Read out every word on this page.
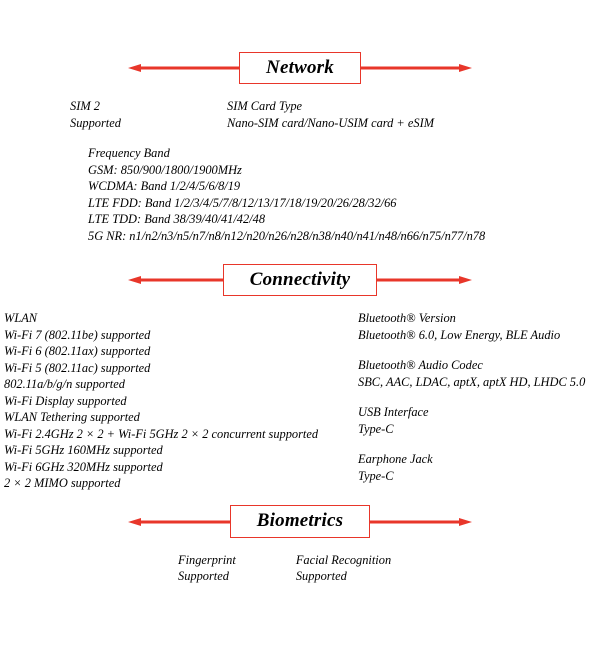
Network
SIM 2
Supported
SIM Card Type
Nano-SIM card/Nano-USIM card + eSIM
Frequency Band
GSM: 850/900/1800/1900MHz
WCDMA: Band 1/2/4/5/6/8/19
LTE FDD: Band 1/2/3/4/5/7/8/12/13/17/18/19/20/26/28/32/66
LTE TDD: Band 38/39/40/41/42/48
5G NR: n1/n2/n3/n5/n7/n8/n12/n20/n26/n28/n38/n40/n41/n48/n66/n75/n77/n78
Connectivity
WLAN
Wi-Fi 7 (802.11be) supported
Wi-Fi 6 (802.11ax) supported
Wi-Fi 5 (802.11ac) supported
802.11a/b/g/n supported
Wi-Fi Display supported
WLAN Tethering supported
Wi-Fi 2.4GHz 2 × 2 + Wi-Fi 5GHz 2 × 2 concurrent supported
Wi-Fi 5GHz 160MHz supported
Wi-Fi 6GHz 320MHz supported
2 × 2 MIMO supported
Bluetooth® Version
Bluetooth® 6.0, Low Energy, BLE Audio
Bluetooth® Audio Codec
SBC, AAC, LDAC, aptX, aptX HD, LHDC 5.0
USB Interface
Type-C
Earphone Jack
Type-C
Biometrics
Fingerprint
Supported
Facial Recognition
Supported
